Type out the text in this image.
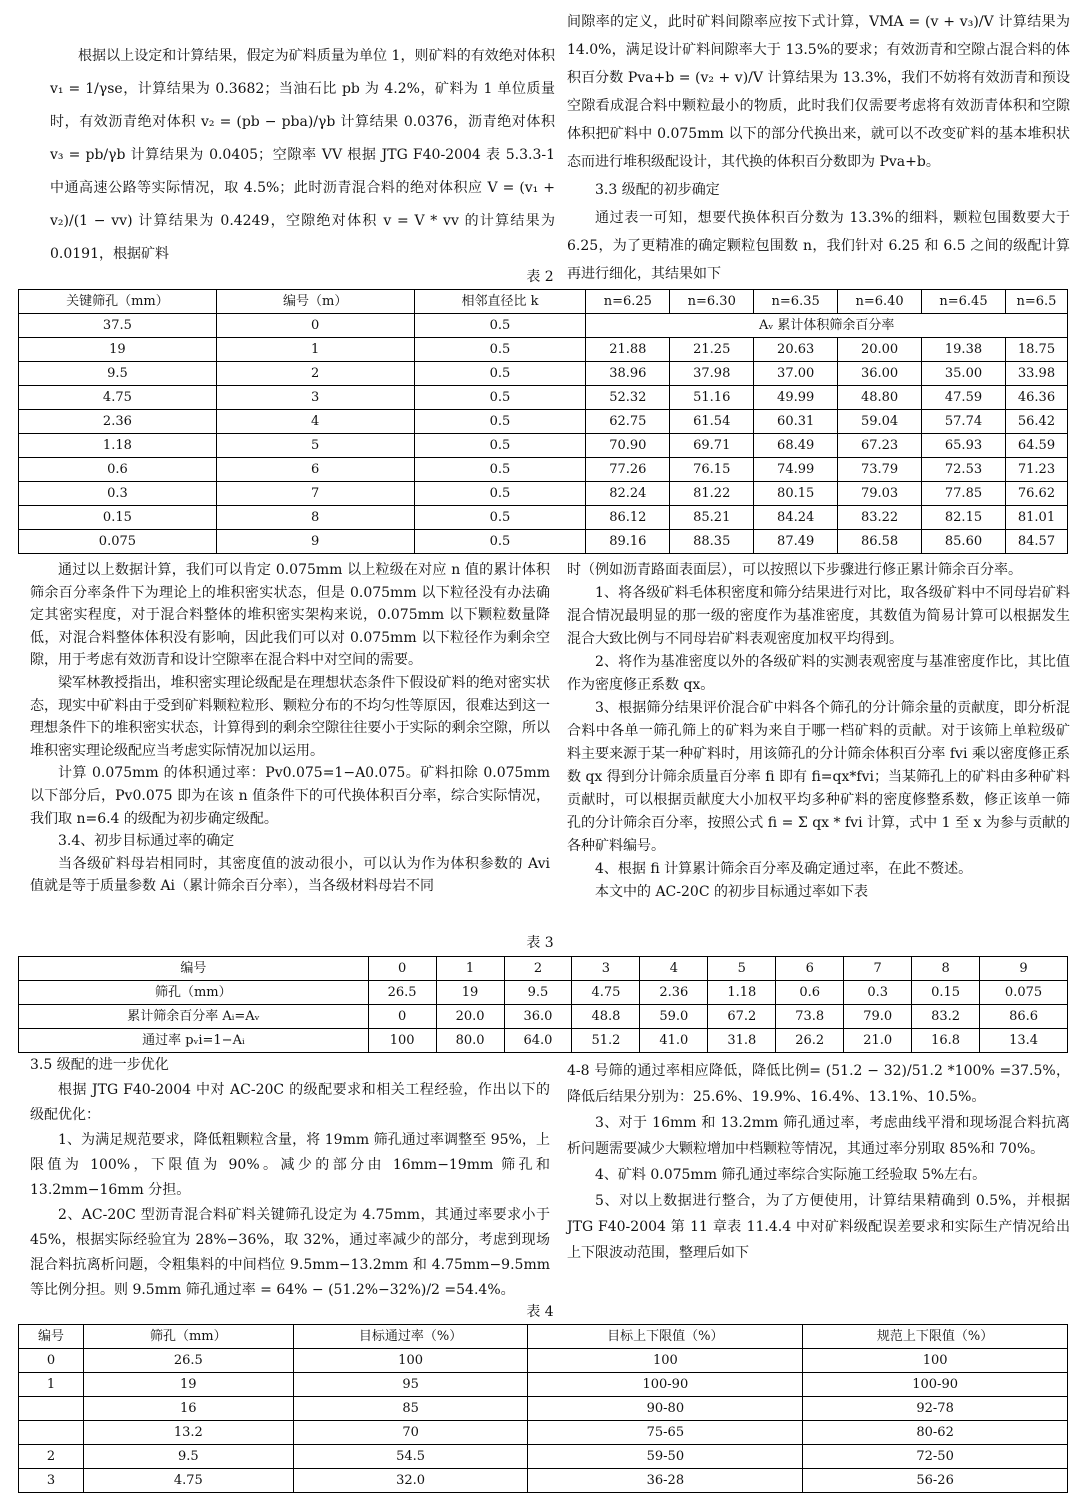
根据以上设定和计算结果，假定为矿料质量为单位 1，则矿料的有效绝对体积 v₁ = 1/γse，计算结果为 0.3682；当油石比 pb 为 4.2%，矿料为 1 单位质量时，有效沥青绝对体积 v₂ = (pb − pba)/γb 计算结果 0.0376，沥青绝对体积 v₃ = pb/γb 计算结果为 0.0405；空隙率 VV 根据 JTG F40-2004 表 5.3.3-1 中通高速公路等实际情况，取 4.5%；此时沥青混合料的绝对体积应 V = (v₁ + v₂)/(1 − vv) 计算结果为 0.4249，空隙绝对体积 v = V * vv 的计算结果为 0.0191，根据矿料

间隙率的定义，此时矿料间隙率应按下式计算，VMA = (v + v₃)/V 计算结果为 14.0%，满足设计矿料间隙率大于 13.5%的要求；有效沥青和空隙占混合料的体积百分数 Pva+b = (v₂ + v)/V 计算结果为 13.3%，我们不妨将有效沥青和预设空隙看成混合料中颗粒最小的物质，此时我们仅需要考虑将有效沥青体积和空隙体积把矿料中 0.075mm 以下的部分代换出来，就可以不改变矿料的基本堆积状态而进行堆积级配设计，其代换的体积百分数即为 Pva+b。

3.3 级配的初步确定

通过表一可知，想要代换体积百分数为 13.3%的细料，颗粒包围数要大于 6.25，为了更精准的确定颗粒包围数 n，我们针对 6.25 和 6.5 之间的级配计算再进行细化，其结果如下

表 2
关键筛孔（mm）	编号（m）	相邻直径比 k	n=6.25	n=6.30	n=6.35	n=6.40	n=6.45	n=6.5
37.5	0	0.5	Aᵥ 累计体积筛余百分率					
19	1	0.5	21.88	21.25	20.63	20.00	19.38	18.75
9.5	2	0.5	38.96	37.98	37.00	36.00	35.00	33.98
4.75	3	0.5	52.32	51.16	49.99	48.80	47.59	46.36
2.36	4	0.5	62.75	61.54	60.31	59.04	57.74	56.42
1.18	5	0.5	70.90	69.71	68.49	67.23	65.93	64.59
0.6	6	0.5	77.26	76.15	74.99	73.79	72.53	71.23
0.3	7	0.5	82.24	81.22	80.15	79.03	77.85	76.62
0.15	8	0.5	86.12	85.21	84.24	83.22	82.15	81.01
0.075	9	0.5	89.16	88.35	87.49	86.58	85.60	84.57

通过以上数据计算，我们可以肯定 0.075mm 以上粒级在对应 n 值的累计体积筛余百分率条件下为理论上的堆积密实状态，但是 0.075mm 以下粒径没有办法确定其密实程度，对于混合料整体的堆积密实架构来说，0.075mm 以下颗粒数量降低，对混合料整体体积没有影响，因此我们可以对 0.075mm 以下粒径作为剩余空隙，用于考虑有效沥青和设计空隙率在混合料中对空间的需要。

梁军林教授指出，堆积密实理论级配是在理想状态条件下假设矿料的绝对密实状态，现实中矿料由于受到矿料颗粒粒形、颗粒分布的不均匀性等原因，很难达到这一理想条件下的堆积密实状态，计算得到的剩余空隙往往要小于实际的剩余空隙，所以堆积密实理论级配应当考虑实际情况加以运用。

计算 0.075mm 的体积通过率：Pv0.075=1−A0.075。矿料扣除 0.075mm 以下部分后，Pv0.075 即为在该 n 值条件下的可代换体积百分率，综合实际情况，我们取 n=6.4 的级配为初步确定级配。

3.4、初步目标通过率的确定

当各级矿料母岩相同时，其密度值的波动很小，可以认为作为体积参数的 Avi 值就是等于质量参数 Ai（累计筛余百分率），当各级材料母岩不同

时（例如沥青路面表面层），可以按照以下步骤进行修正累计筛余百分率。

1、将各级矿料毛体积密度和筛分结果进行对比，取各级矿料中不同母岩矿料混合情况最明显的那一级的密度作为基准密度，其数值为简易计算可以根据发生混合大致比例与不同母岩矿料表观密度加权平均得到。

2、将作为基准密度以外的各级矿料的实测表观密度与基准密度作比，其比值作为密度修正系数 qx。

3、根据筛分结果评价混合矿中料各个筛孔的分计筛余量的贡献度，即分析混合料中各单一筛孔筛上的矿料为来自于哪一档矿料的贡献。对于该筛上单粒级矿料主要来源于某一种矿料时，用该筛孔的分计筛余体积百分率 fvi 乘以密度修正系数 qx 得到分计筛余质量百分率 fi 即有 fi=qx*fvi；当某筛孔上的矿料由多种矿料贡献时，可以根据贡献度大小加权平均多种矿料的密度修整系数，修正该单一筛孔的分计筛余百分率，按照公式 fi = Σ qx * fvi 计算，式中 1 至 x 为参与贡献的各种矿料编号。

4、根据 fi 计算累计筛余百分率及确定通过率，在此不赘述。

本文中的 AC-20C 的初步目标通过率如下表

表 3
编号	0	1	2	3	4	5	6	7	8	9
筛孔（mm）	26.5	19	9.5	4.75	2.36	1.18	0.6	0.3	0.15	0.075
累计筛余百分率 Aᵢ=Aᵥ	0	20.0	36.0	48.8	59.0	67.2	73.8	79.0	83.2	86.6
通过率 pᵥi=1−Aᵢ	100	80.0	64.0	51.2	41.0	31.8	26.2	21.0	16.8	13.4

3.5 级配的进一步优化

根据 JTG F40-2004 中对 AC-20C 的级配要求和相关工程经验，作出以下的级配优化：

1、为满足规范要求，降低粗颗粒含量，将 19mm 筛孔通过率调整至 95%，上限值为 100%，下限值为 90%。减少的部分由 16mm−19mm 筛孔和 13.2mm−16mm 分担。

2、AC-20C 型沥青混合料矿料关键筛孔设定为 4.75mm，其通过率要求小于 45%，根据实际经验宜为 28%−36%，取 32%，通过率减少的部分，考虑到现场混合料抗离析问题，令粗集料的中间档位 9.5mm−13.2mm 和 4.75mm−9.5mm 等比例分担。则 9.5mm 筛孔通过率 = 64% − (51.2%−32%)/2 =54.4%。

4-8 号筛的通过率相应降低，降低比例= (51.2 − 32)/51.2 *100% =37.5%，降低后结果分别为：25.6%、19.9%、16.4%、13.1%、10.5%。

3、对于 16mm 和 13.2mm 筛孔通过率，考虑曲线平滑和现场混合料抗离析问题需要减少大颗粒增加中档颗粒等情况，其通过率分别取 85%和 70%。

4、矿料 0.075mm 筛孔通过率综合实际施工经验取 5%左右。

5、对以上数据进行整合，为了方便使用，计算结果精确到 0.5%，并根据 JTG F40-2004 第 11 章表 11.4.4 中对矿料级配误差要求和实际生产情况给出上下限波动范围，整理后如下

表 4
编号	筛孔（mm）	目标通过率（%）	目标上下限值（%）	规范上下限值（%）
0	26.5	100	100	100
1	19	95	100-90	100-90
	16	85	90-80	92-78
	13.2	70	75-65	80-62
2	9.5	54.5	59-50	72-50
3	4.75	32.0	36-28	56-26
